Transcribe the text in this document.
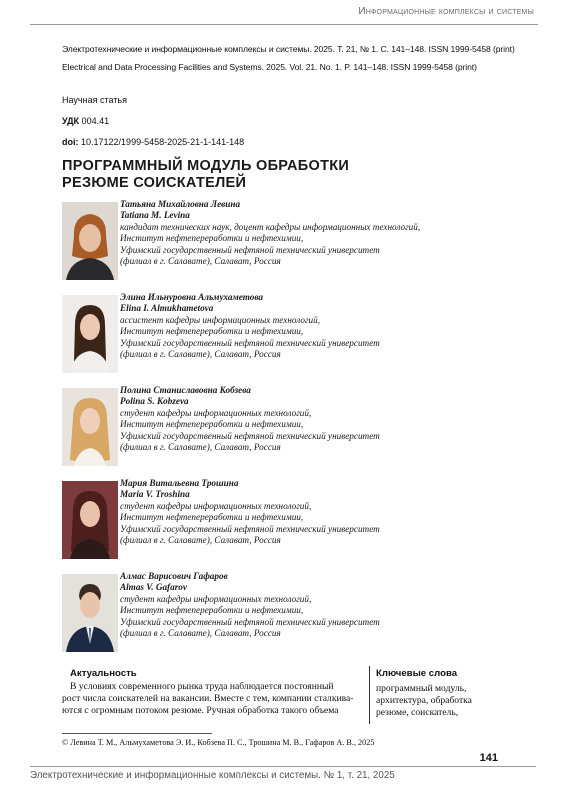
Информационные комплексы и системы
Электротехнические и информационные комплексы и системы. 2025. Т. 21, № 1. С. 141–148. ISSN 1999-5458 (print)
Electrical and Data Processing Facilities and Systems. 2025. Vol. 21. No. 1. P. 141–148. ISSN 1999-5458 (print)
Научная статья
УДК 004.41
doi: 10.17122/1999-5458-2025-21-1-141-148
ПРОГРАММНЫЙ МОДУЛЬ ОБРАБОТКИ
РЕЗЮМЕ СОИСКАТЕЛЕЙ
Татьяна Михайловна Левина
Tatiana M. Levina
кандидат технических наук, доцент кафедры информационных технологий,
Институт нефтепереработки и нефтехимии,
Уфимский государственный нефтяной технический университет
(филиал в г. Салавате), Салават, Россия
Элина Ильнуровна Альмухаметова
Elina I. Almukhametova
ассистент кафедры информационных технологий,
Институт нефтепереработки и нефтехимии,
Уфимский государственный нефтяной технический университет
(филиал в г. Салавате), Салават, Россия
Полина Станиславовна Кобзева
Polina S. Kobzeva
студент кафедры информационных технологий,
Институт нефтепереработки и нефтехимии,
Уфимский государственный нефтяной технический университет
(филиал в г. Салавате), Салават, Россия
Мария Витальевна Трошина
Maria V. Troshina
студент кафедры информационных технологий,
Институт нефтепереработки и нефтехимии,
Уфимский государственный нефтяной технический университет
(филиал в г. Салавате), Салават, Россия
Алмас Варисович Гафаров
Almas V. Gafarov
студент кафедры информационных технологий,
Институт нефтепереработки и нефтехимии,
Уфимский государственный нефтяной технический университет
(филиал в г. Салавате), Салават, Россия
Актуальность
В условиях современного рынка труда наблюдается постоянный
рост числа соискателей на вакансии. Вместе с тем, компании сталкива-
ются с огромным потоком резюме. Ручная обработка такого объема
Ключевые слова
программный модуль,
архитектура, обработка
резюме, соискатель,
© Левина Т. М., Альмухаметова Э. И., Кобзева П. С., Трошина М. В., Гафаров А. В., 2025
141
Электротехнические и информационные комплексы и системы. № 1, т. 21, 2025
